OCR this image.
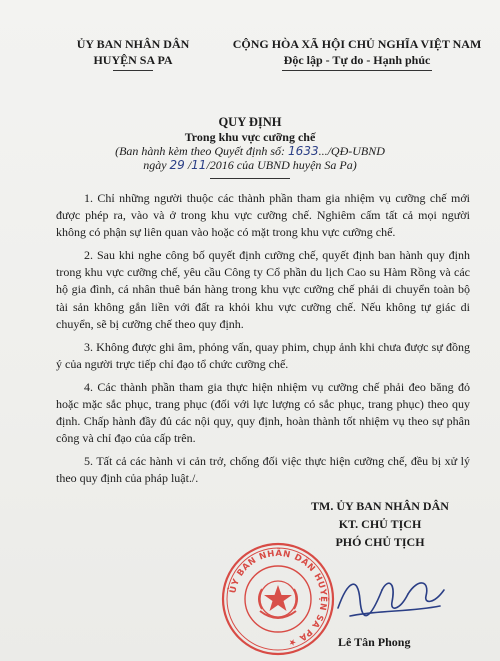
ỦY BAN NHÂN DÂN
HUYỆN SA PA
CỘNG HÒA XÃ HỘI CHỦ NGHĨA VIỆT NAM
Độc lập - Tự do - Hạnh phúc
QUY ĐỊNH
Trong khu vực cưỡng chế
(Ban hành kèm theo Quyết định số: 1633.../QĐ-UBND
ngày 29 /11/2016 của UBND huyện Sa Pa)

1. Chỉ những người thuộc các thành phần tham gia nhiệm vụ cưỡng chế mới được phép ra, vào và ở trong khu vực cưỡng chế. Nghiêm cấm tất cả mọi người không có phận sự liên quan vào hoặc có mặt trong khu vực cưỡng chế.

2. Sau khi nghe công bố quyết định cưỡng chế, quyết định ban hành quy định trong khu vực cưỡng chế, yêu cầu Công ty Cổ phần du lịch Cao su Hàm Rồng và các hộ gia đình, cá nhân thuê bán hàng trong khu vực cưỡng chế phải di chuyển toàn bộ tài sản không gắn liền với đất ra khỏi khu vực cưỡng chế. Nếu không tự giác di chuyển, sẽ bị cưỡng chế theo quy định.

3. Không được ghi âm, phỏng vấn, quay phim, chụp ảnh khi chưa được sự đồng ý của người trực tiếp chỉ đạo tổ chức cưỡng chế.

4. Các thành phần tham gia thực hiện nhiệm vụ cưỡng chế phải đeo băng đỏ hoặc mặc sắc phục, trang phục (đối với lực lượng có sắc phục, trang phục) theo quy định. Chấp hành đầy đủ các nội quy, quy định, hoàn thành tốt nhiệm vụ theo sự phân công và chỉ đạo của cấp trên.

5. Tất cả các hành vi cản trở, chống đối việc thực hiện cưỡng chế, đều bị xử lý theo quy định của pháp luật./.

TM. ỦY BAN NHÂN DÂN
KT. CHỦ TỊCH
PHÓ CHỦ TỊCH
ỦY BAN NHÂN DÂN HUYỆN SA PA ★	Lê Tân Phong
